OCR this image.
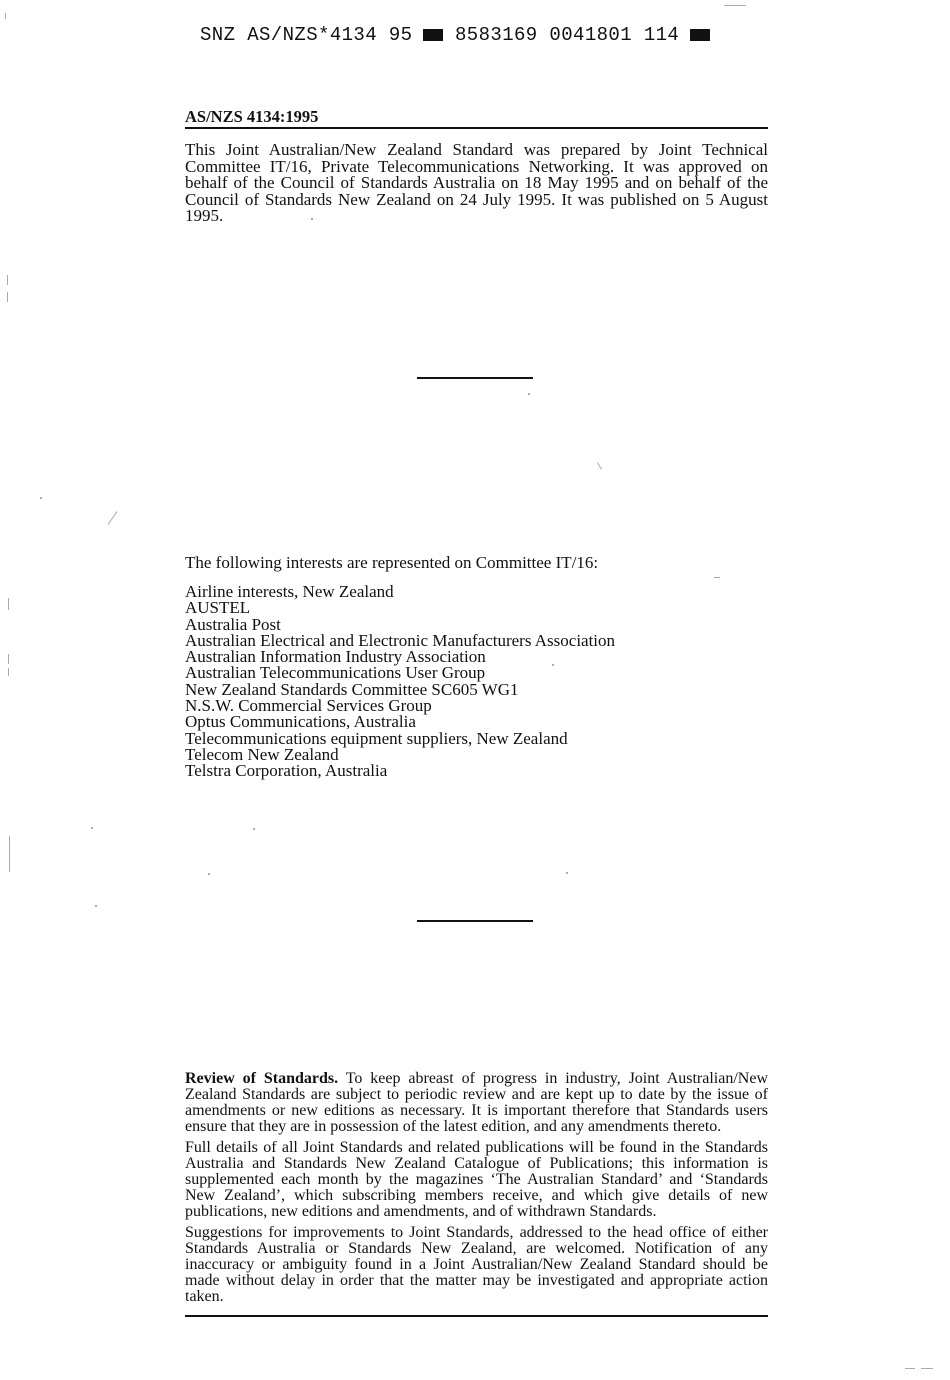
SNZ AS/NZS*4134 95 8583169 0041801 114
AS/NZS 4134:1995
This Joint Australian/New Zealand Standard was prepared by Joint Technical
Committee IT/16, Private Telecommunications Networking. It was approved on
behalf of the Council of Standards Australia on 18 May 1995 and on behalf of the
Council of Standards New Zealand on 24 July 1995. It was published on 5 August
1995.
The following interests are represented on Committee IT/16:
Airline interests, New Zealand
AUSTEL
Australia Post
Australian Electrical and Electronic Manufacturers Association
Australian Information Industry Association
Australian Telecommunications User Group
New Zealand Standards Committee SC605 WG1
N.S.W. Commercial Services Group
Optus Communications, Australia
Telecommunications equipment suppliers, New Zealand
Telecom New Zealand
Telstra Corporation, Australia
Review of Standards. To keep abreast of progress in industry, Joint Australian/New
Zealand Standards are subject to periodic review and are kept up to date by the issue of
amendments or new editions as necessary. It is important therefore that Standards users
ensure that they are in possession of the latest edition, and any amendments thereto.
Full details of all Joint Standards and related publications will be found in the Standards
Australia and Standards New Zealand Catalogue of Publications; this information is
supplemented each month by the magazines ‘The Australian Standard’ and ‘Standards
New Zealand’, which subscribing members receive, and which give details of new
publications, new editions and amendments, and of withdrawn Standards.
Suggestions for improvements to Joint Standards, addressed to the head office of either
Standards Australia or Standards New Zealand, are welcomed. Notification of any
inaccuracy or ambiguity found in a Joint Australian/New Zealand Standard should be
made without delay in order that the matter may be investigated and appropriate action
taken.
